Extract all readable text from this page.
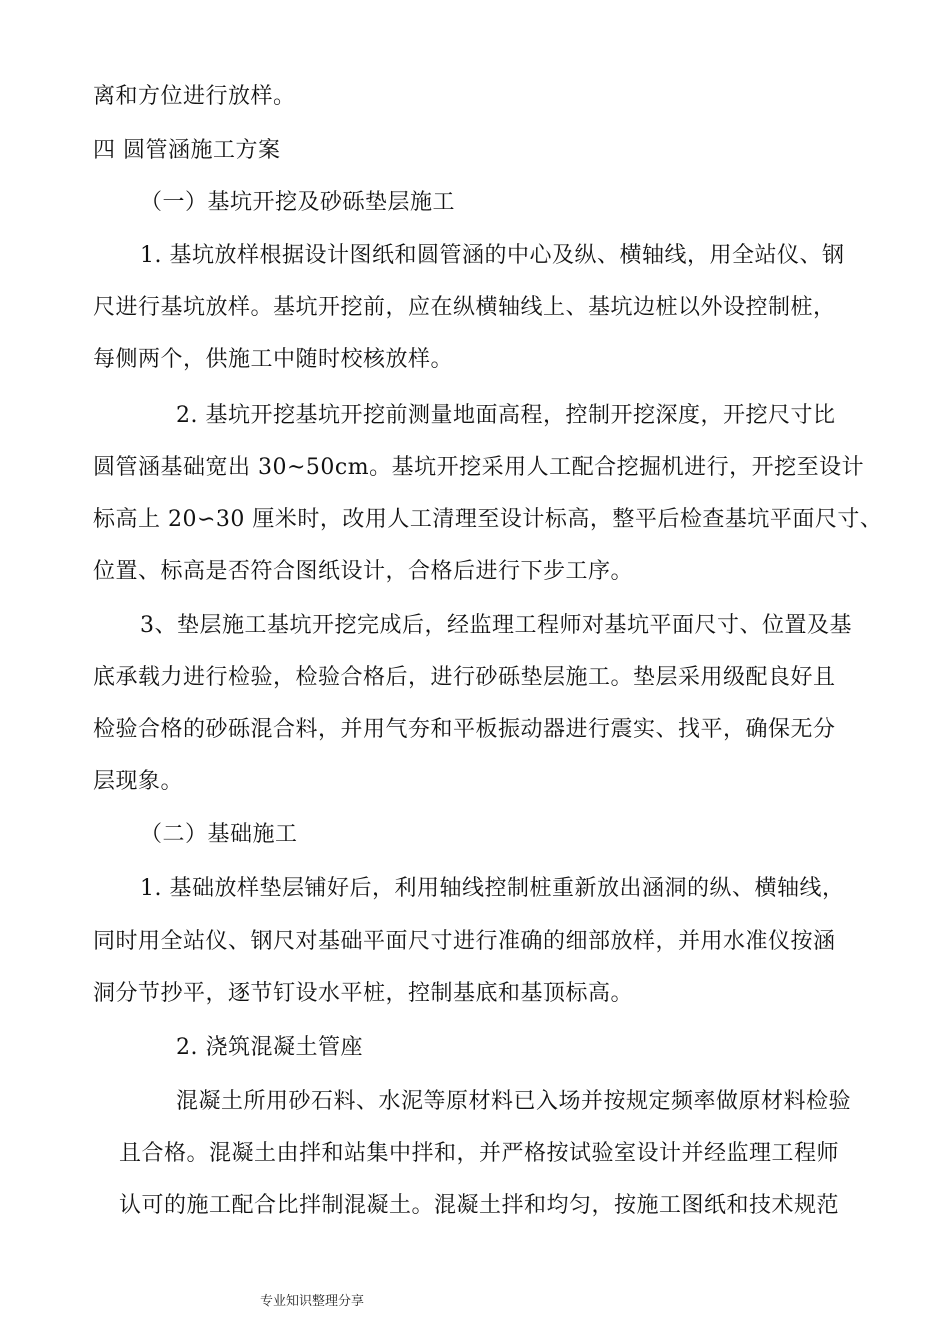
离和方位进行放样。
四 圆管涵施工方案
（一）基坑开挖及砂砾垫层施工
1. 基坑放样根据设计图纸和圆管涵的中心及纵、横轴线，用全站仪、钢
尺进行基坑放样。基坑开挖前，应在纵横轴线上、基坑边桩以外设控制桩，
每侧两个，供施工中随时校核放样。
2. 基坑开挖基坑开挖前测量地面高程，控制开挖深度，开挖尺寸比
圆管涵基础宽出 30~50cm。基坑开挖采用人工配合挖掘机进行，开挖至设计
标高上 20∽30 厘米时，改用人工清理至设计标高，整平后检查基坑平面尺寸、
位置、标高是否符合图纸设计，合格后进行下步工序。
3、垫层施工基坑开挖完成后，经监理工程师对基坑平面尺寸、位置及基
底承载力进行检验，检验合格后，进行砂砾垫层施工。垫层采用级配良好且
检验合格的砂砾混合料，并用气夯和平板振动器进行震实、找平，确保无分
层现象。
（二）基础施工
1. 基础放样垫层铺好后，利用轴线控制桩重新放出涵洞的纵、横轴线，
同时用全站仪、钢尺对基础平面尺寸进行准确的细部放样，并用水准仪按涵
洞分节抄平，逐节钉设水平桩，控制基底和基顶标高。
2. 浇筑混凝土管座
混凝土所用砂石料、水泥等原材料已入场并按规定频率做原材料检验
且合格。混凝土由拌和站集中拌和，并严格按试验室设计并经监理工程师
认可的施工配合比拌制混凝土。混凝土拌和均匀，按施工图纸和技术规范
专业知识整理分享
